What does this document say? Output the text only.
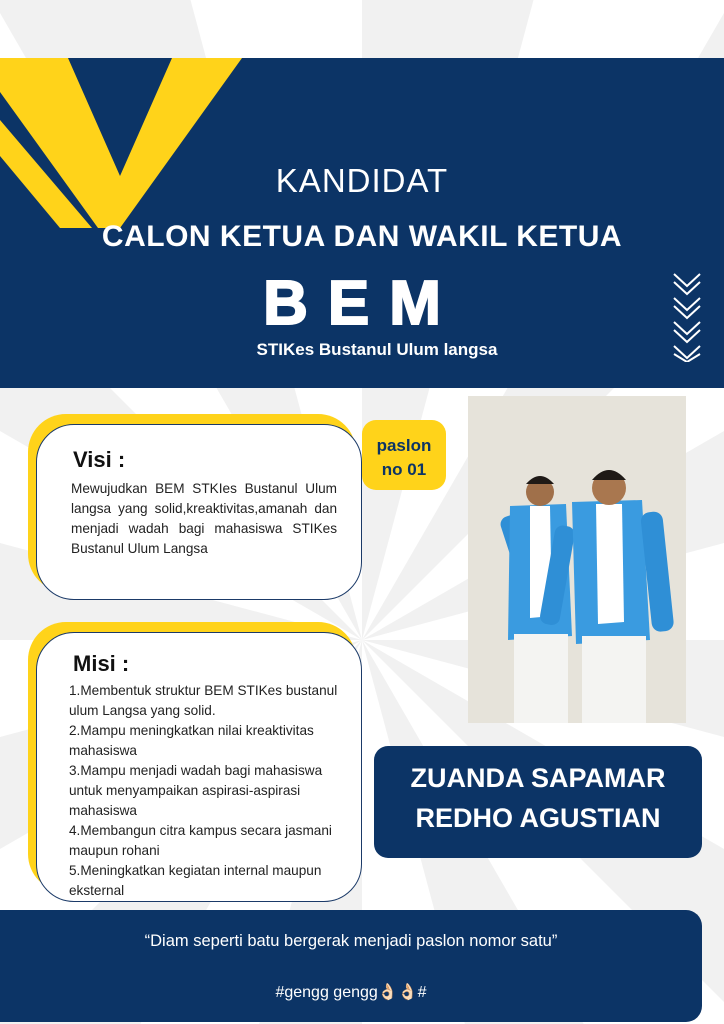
KANDIDAT
CALON KETUA DAN WAKIL KETUA
BEM
STIKes Bustanul Ulum langsa
Visi :
Mewujudkan BEM STKIes Bustanul Ulum langsa yang solid,kreaktivitas,amanah dan menjadi wadah bagi mahasiswa STIKes Bustanul Ulum Langsa
paslon
no 01
Misi :
1.Membentuk struktur BEM STIKes bustanul ulum Langsa yang solid.
2.Mampu meningkatkan nilai kreaktivitas mahasiswa
3.Mampu menjadi wadah bagi mahasiswa untuk menyampaikan aspirasi-aspirasi mahasiswa
4.Membangun citra kampus secara jasmani maupun rohani
5.Meningkatkan kegiatan internal maupun eksternal
ZUANDA SAPAMAR
REDHO AGUSTIAN
“Diam seperti batu bergerak menjadi paslon nomor satu”
#gengg gengg👌🏻👌🏻#
